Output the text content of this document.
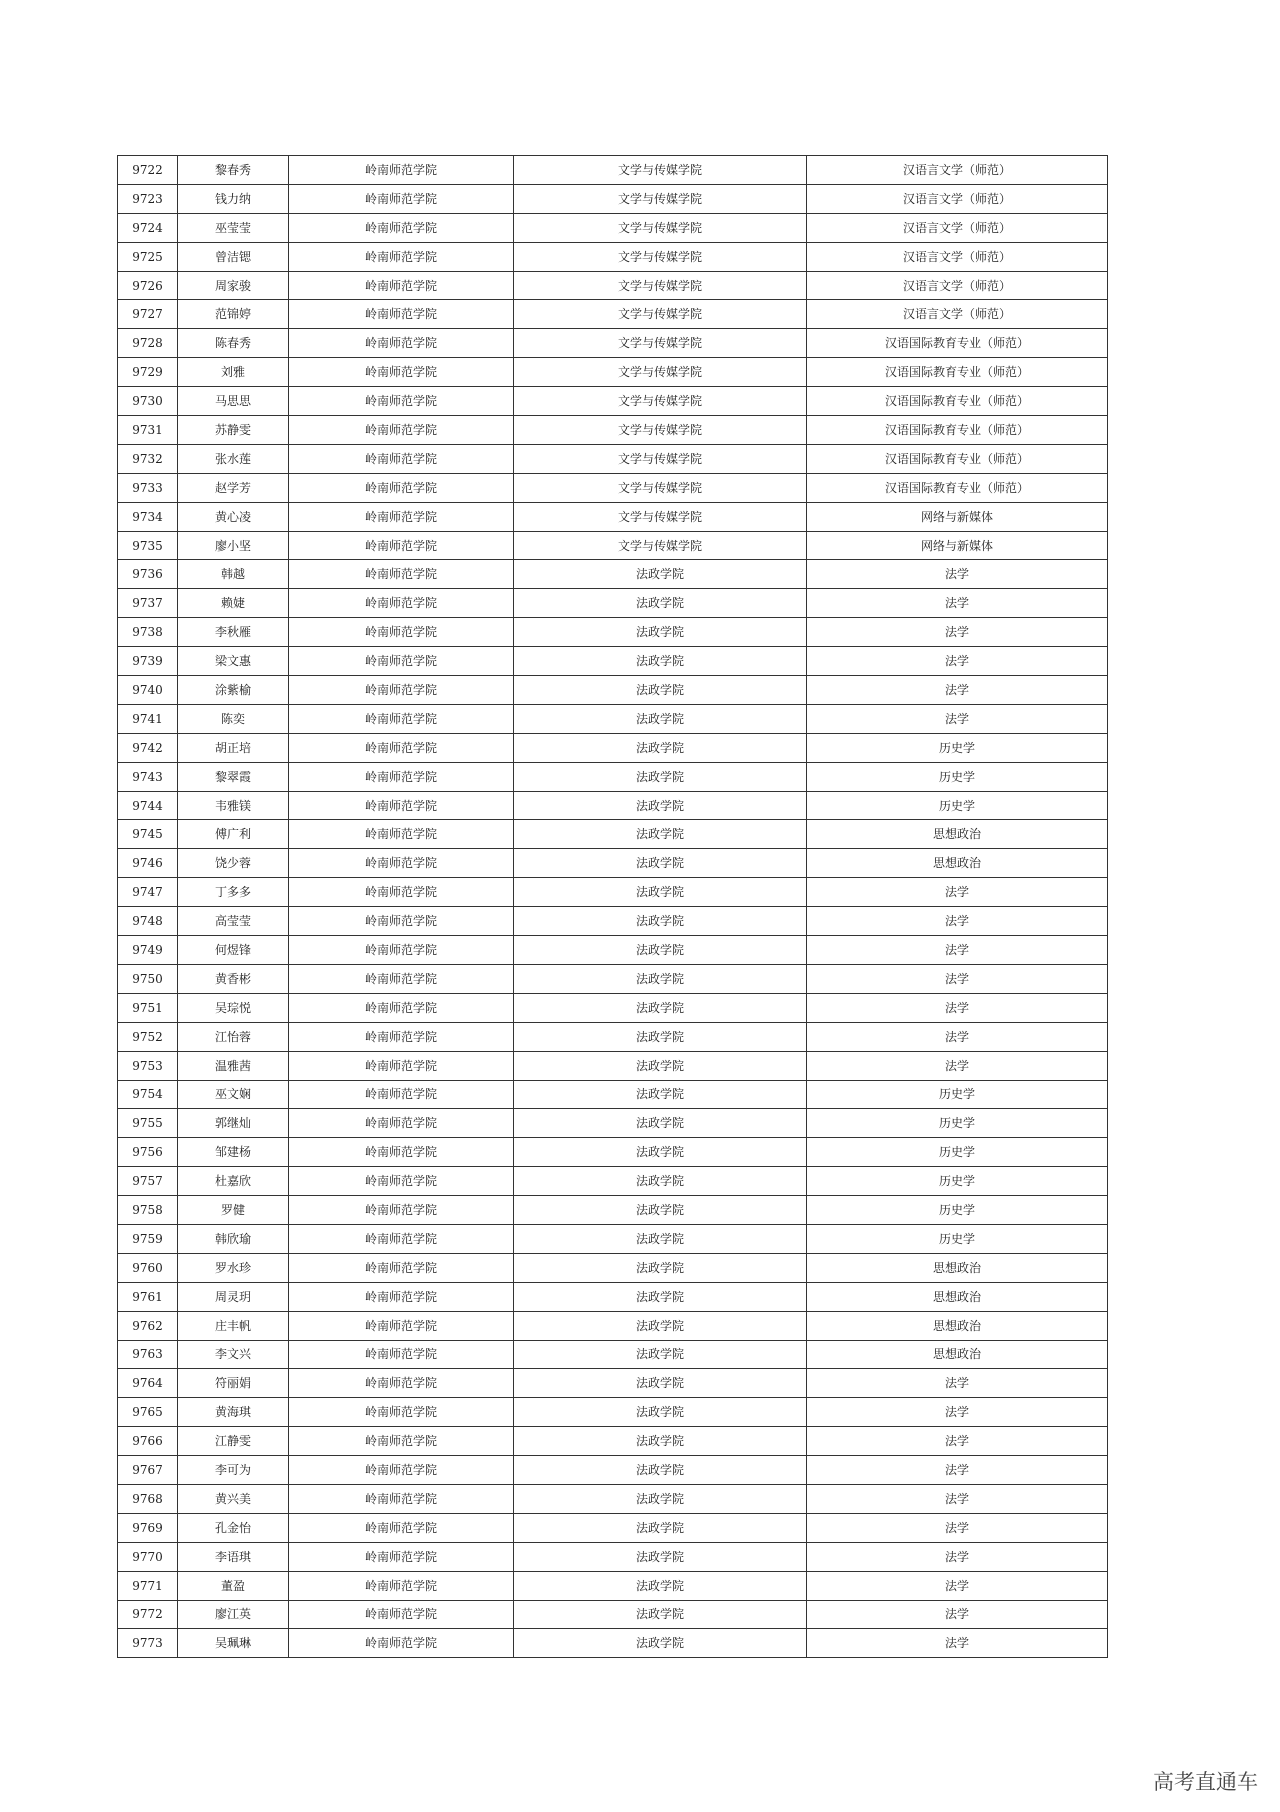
9722	黎春秀	岭南师范学院	文学与传媒学院	汉语言文学（师范）
9723	钱力纳	岭南师范学院	文学与传媒学院	汉语言文学（师范）
9724	巫莹莹	岭南师范学院	文学与传媒学院	汉语言文学（师范）
9725	曾洁锶	岭南师范学院	文学与传媒学院	汉语言文学（师范）
9726	周家骏	岭南师范学院	文学与传媒学院	汉语言文学（师范）
9727	范锦婷	岭南师范学院	文学与传媒学院	汉语言文学（师范）
9728	陈春秀	岭南师范学院	文学与传媒学院	汉语国际教育专业（师范）
9729	刘雅	岭南师范学院	文学与传媒学院	汉语国际教育专业（师范）
9730	马思思	岭南师范学院	文学与传媒学院	汉语国际教育专业（师范）
9731	苏静雯	岭南师范学院	文学与传媒学院	汉语国际教育专业（师范）
9732	张水莲	岭南师范学院	文学与传媒学院	汉语国际教育专业（师范）
9733	赵学芳	岭南师范学院	文学与传媒学院	汉语国际教育专业（师范）
9734	黄心凌	岭南师范学院	文学与传媒学院	网络与新媒体
9735	廖小坚	岭南师范学院	文学与传媒学院	网络与新媒体
9736	韩越	岭南师范学院	法政学院	法学
9737	赖婕	岭南师范学院	法政学院	法学
9738	李秋雁	岭南师范学院	法政学院	法学
9739	梁文惠	岭南师范学院	法政学院	法学
9740	涂紫榆	岭南师范学院	法政学院	法学
9741	陈奕	岭南师范学院	法政学院	法学
9742	胡正培	岭南师范学院	法政学院	历史学
9743	黎翠霞	岭南师范学院	法政学院	历史学
9744	韦雅镁	岭南师范学院	法政学院	历史学
9745	傅广利	岭南师范学院	法政学院	思想政治
9746	饶少蓉	岭南师范学院	法政学院	思想政治
9747	丁多多	岭南师范学院	法政学院	法学
9748	高莹莹	岭南师范学院	法政学院	法学
9749	何煜锋	岭南师范学院	法政学院	法学
9750	黄香彬	岭南师范学院	法政学院	法学
9751	吴琮悦	岭南师范学院	法政学院	法学
9752	江怡蓉	岭南师范学院	法政学院	法学
9753	温雅茜	岭南师范学院	法政学院	法学
9754	巫文娴	岭南师范学院	法政学院	历史学
9755	郭继灿	岭南师范学院	法政学院	历史学
9756	邹建杨	岭南师范学院	法政学院	历史学
9757	杜嘉欣	岭南师范学院	法政学院	历史学
9758	罗健	岭南师范学院	法政学院	历史学
9759	韩欣瑜	岭南师范学院	法政学院	历史学
9760	罗水珍	岭南师范学院	法政学院	思想政治
9761	周灵玥	岭南师范学院	法政学院	思想政治
9762	庄丰帆	岭南师范学院	法政学院	思想政治
9763	李文兴	岭南师范学院	法政学院	思想政治
9764	符丽娟	岭南师范学院	法政学院	法学
9765	黄海琪	岭南师范学院	法政学院	法学
9766	江静雯	岭南师范学院	法政学院	法学
9767	李可为	岭南师范学院	法政学院	法学
9768	黄兴美	岭南师范学院	法政学院	法学
9769	孔金怡	岭南师范学院	法政学院	法学
9770	李语琪	岭南师范学院	法政学院	法学
9771	董盈	岭南师范学院	法政学院	法学
9772	廖江英	岭南师范学院	法政学院	法学
9773	吴珮琳	岭南师范学院	法政学院	法学
高考直通车
